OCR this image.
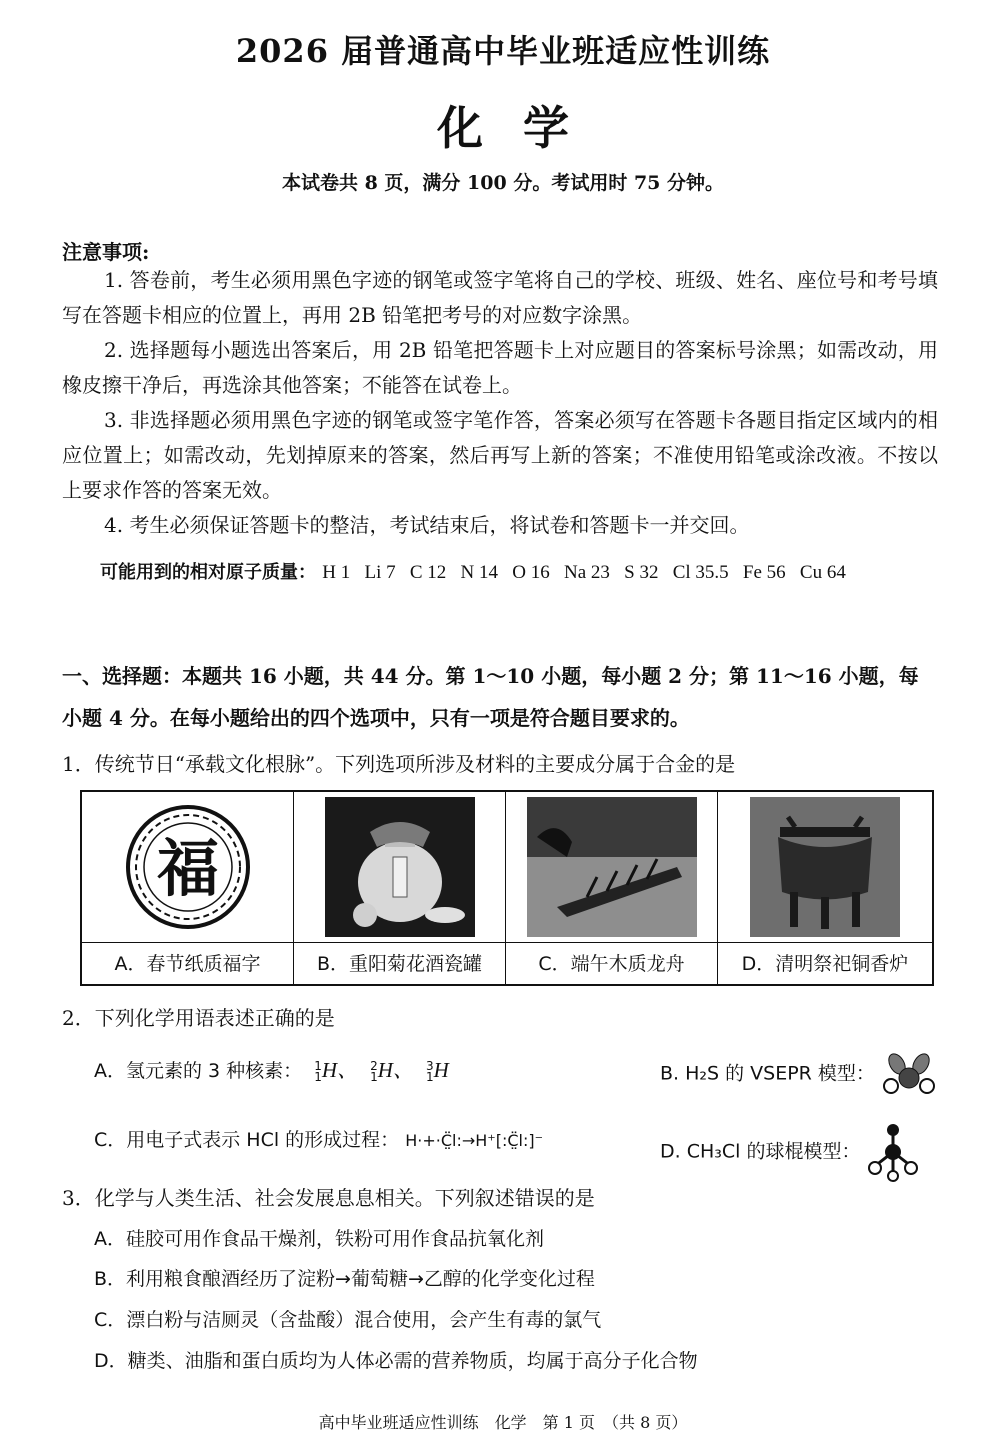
2026 届普通高中毕业班适应性训练
化学
本试卷共 8 页，满分 100 分。考试用时 75 分钟。
注意事项:
1. 答卷前，考生必须用黑色字迹的钢笔或签字笔将自己的学校、班级、姓名、座位号和考号填写在答题卡相应的位置上，再用 2B 铅笔把考号的对应数字涂黑。
2. 选择题每小题选出答案后，用 2B 铅笔把答题卡上对应题目的答案标号涂黑；如需改动，用橡皮擦干净后，再选涂其他答案；不能答在试卷上。
3. 非选择题必须用黑色字迹的钢笔或签字笔作答，答案必须写在答题卡各题目指定区域内的相应位置上；如需改动，先划掉原来的答案，然后再写上新的答案；不准使用铅笔或涂改液。不按以上要求作答的答案无效。
4. 考生必须保证答题卡的整洁，考试结束后，将试卷和答题卡一并交回。
可能用到的相对原子质量： H 1   Li 7   C 12   N 14   O 16   Na 23   S 32   Cl 35.5   Fe 56   Cu 64
一、选择题：本题共 16 小题，共 44 分。第 1～10 小题，每小题 2 分；第 11～16 小题，每小题 4 分。在每小题给出的四个选项中，只有一项是符合题目要求的。
1．传统节日“承载文化根脉”。下列选项所涉及材料的主要成分属于合金的是
福
A．春节纸质福字	B．重阳菊花酒瓷罐	C．端午木质龙舟	D．清明祭祀铜香炉
2．下列化学用语表述正确的是
A．氢元素的 3 种核素： 1
1H、 2
1H、 3
1H	B. H₂S 的 VSEPR 模型：
C．用电子式表示 HCl 的形成过程： H·+·C̤̈l:→H⁺[:C̤̈l:]⁻	D. CH₃Cl 的球棍模型：
3．化学与人类生活、社会发展息息相关。下列叙述错误的是
A．硅胶可用作食品干燥剂，铁粉可用作食品抗氧化剂
B．利用粮食酿酒经历了淀粉→葡萄糖→乙醇的化学变化过程
C．漂白粉与洁厕灵（含盐酸）混合使用，会产生有毒的氯气
D．糖类、油脂和蛋白质均为人体必需的营养物质，均属于高分子化合物
高中毕业班适应性训练　化学　第 1 页　（共 8 页）
